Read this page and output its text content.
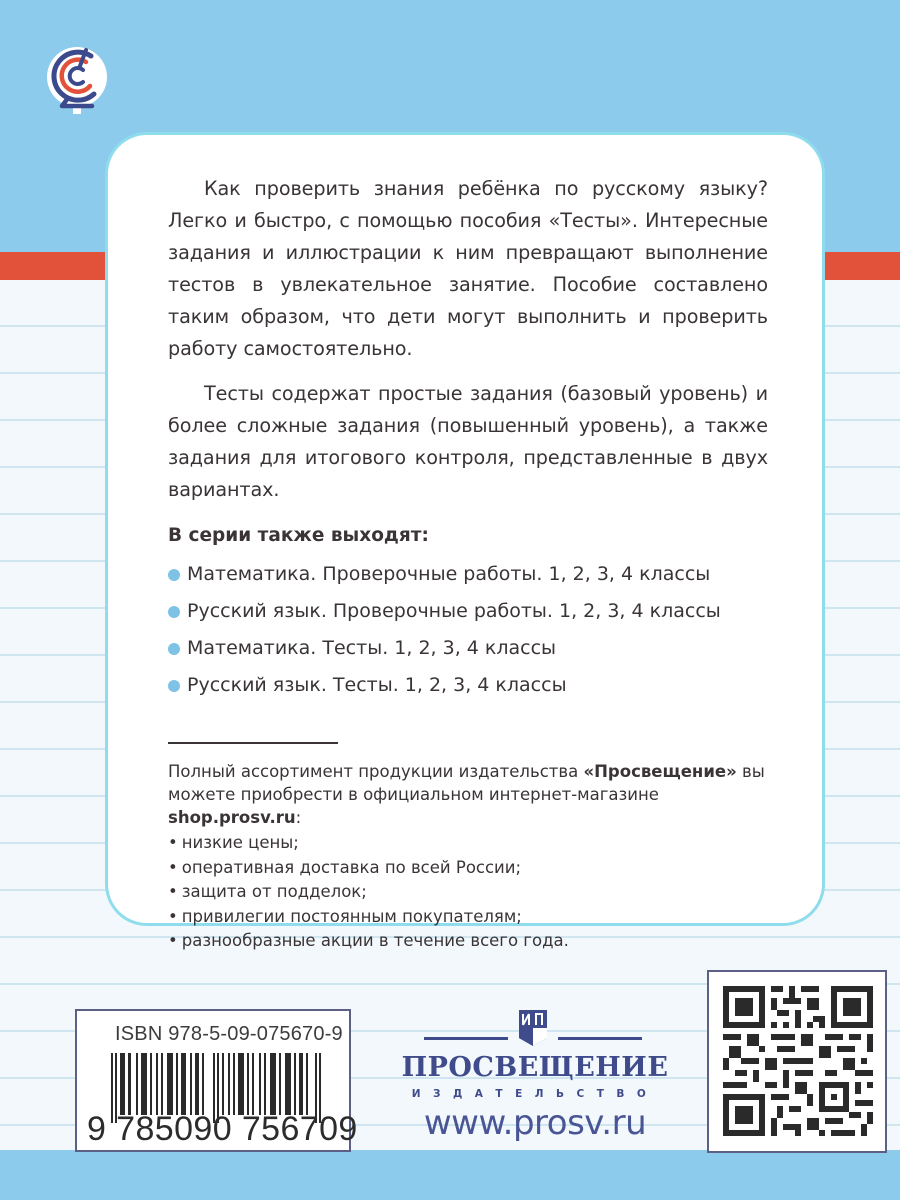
Как проверить знания ребёнка по русскому языку? Легко и быстро, с помощью пособия «Тесты». Интересные задания и иллюстрации к ним превращают выполнение тестов в увлекательное занятие. Пособие составлено таким образом, что дети могут выполнить и проверить работу самостоятельно.

Тесты содержат простые задания (базовый уровень) и более сложные задания (повышенный уровень), а также задания для итогового контроля, представленные в двух вариантах.

В серии также выходят:
Математика. Проверочные работы. 1, 2, 3, 4 классы
Русский язык. Проверочные работы. 1, 2, 3, 4 классы
Математика. Тесты. 1, 2, 3, 4 классы
Русский язык. Тесты. 1, 2, 3, 4 классы
Полный ассортимент продукции издательства «Просвещение» вы можете приобрести в официальном интернет-магазине shop.prosv.ru:
• низкие цены;
• оперативная доставка по всей России;
• защита от подделок;
• привилегии постоянным покупателям;
• разнообразные акции в течение всего года.
ISBN 978-5-09-075670-9
9 785090 756709
ПРОСВЕЩЕНИЕ
ИЗДАТЕЛЬСТВО
www.prosv.ru
